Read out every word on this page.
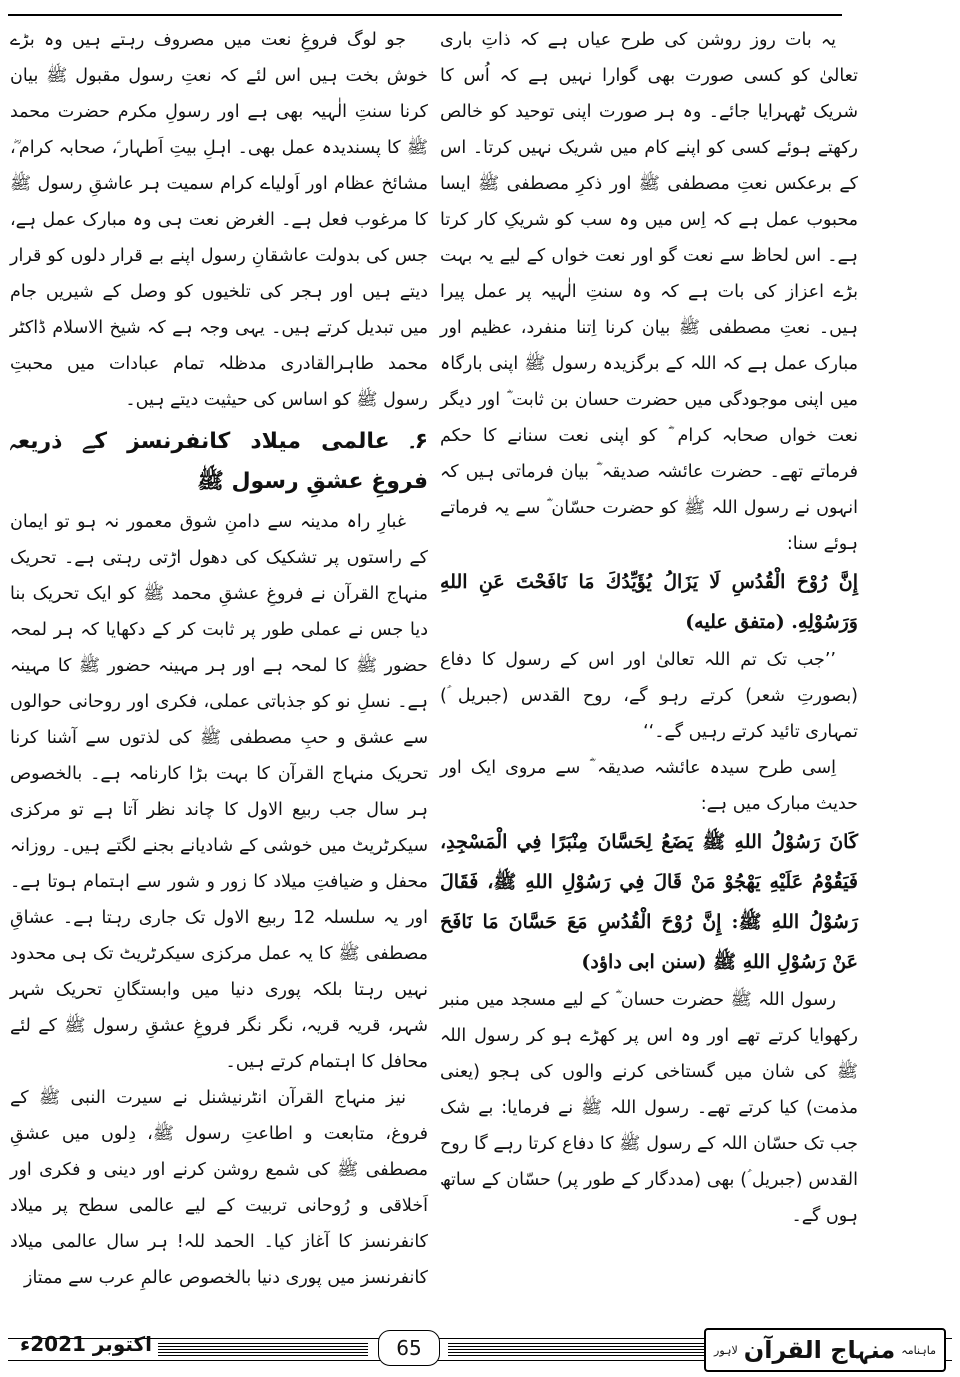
یہ بات روز روشن کی طرح عیاں ہے کہ ذاتِ باری تعالیٰ کو کسی صورت بھی گوارا نہیں ہے کہ اُس کا شریک ٹھہرایا جائے۔ وہ ہر صورت اپنی توحید کو خالص رکھتے ہوئے کسی کو اپنے کام میں شریک نہیں کرتا۔ اس کے برعکس نعتِ مصطفی ﷺ اور ذکرِ مصطفی ﷺ ایسا محبوب عمل ہے کہ اِس میں وہ سب کو شریکِ کار کرتا ہے۔ اس لحاظ سے نعت گو اور نعت خواں کے لیے یہ بہت بڑے اعزاز کی بات ہے کہ وہ سنتِ الٰہیہ پر عمل پیرا ہیں۔ نعتِ مصطفی ﷺ بیان کرنا اِتنا منفرد، عظیم اور مبارک عمل ہے کہ اللہ کے برگزیدہ رسول ﷺ اپنی بارگاہ میں اپنی موجودگی میں حضرت حسان بن ثابت ؓ اور دیگر نعت خواں صحابہ کرام ؓ کو اپنی نعت سنانے کا حکم فرماتے تھے۔ حضرت عائشہ صدیقہ ؓ بیان فرماتی ہیں کہ انہوں نے رسول اللہ ﷺ کو حضرت حسّان ؓ سے یہ فرماتے ہوئے سنا:

إِنَّ رُوْحَ الْقُدُسِ لَا يَزَالُ يُؤَيِّدُكَ مَا نَافَحْتَ عَنِ اللهِ وَرَسُوْلِهِ. (متفق عليه)

’’جب تک تم اللہ تعالیٰ اور اس کے رسول کا دفاع (بصورتِ شعر) کرتے رہو گے، روح القدس (جبریل ؑ) تمہاری تائید کرتے رہیں گے۔‘‘

اِسی طرح سیدہ عائشہ صدیقہ ؓ سے مروی ایک اور حدیث مبارک میں ہے:

كَانَ رَسُوْلُ اللهِ ﷺ يَضَعُ لِحَسَّانَ مِنْبَرًا فِي الْمَسْجِدِ، فَيَقُوْمُ عَلَيْهِ يَهْجُوْ مَنْ قَالَ فِي رَسُوْلِ اللهِ ﷺ، فَقَالَ رَسُوْلُ اللهِ ﷺ: إِنَّ رُوْحَ الْقُدُسِ مَعَ حَسَّانَ مَا نَافَحَ عَنْ رَسُوْلِ اللهِ ﷺ (سنن ابی داؤد)

رسول اللہ ﷺ حضرت حسان ؓ کے لیے مسجد میں منبر رکھوایا کرتے تھے اور وہ اس پر کھڑے ہو کر رسول اللہ ﷺ کی شان میں گستاخی کرنے والوں کی ہجو (یعنی مذمت) کیا کرتے تھے۔ رسول اللہ ﷺ نے فرمایا: بے شک جب تک حسّان اللہ کے رسول ﷺ کا دفاع کرتا رہے گا روح القدس (جبریل ؑ) بھی (مددگار کے طور پر) حسّان کے ساتھ ہوں گے۔

جو لوگ فروغِ نعت میں مصروف رہتے ہیں وہ بڑے خوش بخت ہیں اس لئے کہ نعتِ رسول مقبول ﷺ بیان کرنا سنتِ الٰہیہ بھی ہے اور رسولِ مکرم حضرت محمد ﷺ کا پسندیدہ عمل بھی۔ اہلِ بیتِ اَطہار ؑ، صحابہ کرام ؓ، مشائخ عظام اور اَولیاے کرام سمیت ہر عاشقِ رسول ﷺ کا مرغوب فعل ہے۔ الغرض نعت ہی وہ مبارک عمل ہے، جس کی بدولت عاشقانِ رسول اپنے بے قرار دلوں کو قرار دیتے ہیں اور ہجر کی تلخیوں کو وصل کے شیریں جام میں تبدیل کرتے ہیں۔ یہی وجہ ہے کہ شیخ الاسلام ڈاکٹر محمد طاہرالقادری مدظلہ تمام عبادات میں محبتِ رسول ﷺ کو اساس کی حیثیت دیتے ہیں۔

۶۔ عالمی میلاد کانفرنسز کے ذریعہ فروغِ عشقِ رسول ﷺ

غبارِ راہ مدینہ سے دامنِ شوق معمور نہ ہو تو ایمان کے راستوں پر تشکیک کی دھول اڑتی رہتی ہے۔ تحریک منہاج القرآن نے فروغِ عشقِ محمد ﷺ کو ایک تحریک بنا دیا جس نے عملی طور پر ثابت کر کے دکھایا کہ ہر لمحہ حضور ﷺ کا لمحہ ہے اور ہر مہینہ حضور ﷺ کا مہینہ ہے۔ نسلِ نو کو جذباتی عملی، فکری اور روحانی حوالوں سے عشق و حبِ مصطفی ﷺ کی لذتوں سے آشنا کرنا تحریک منہاج القرآن کا بہت بڑا کارنامہ ہے۔ بالخصوص ہر سال جب ربیع الاول کا چاند نظر آتا ہے تو مرکزی سیکرٹریٹ میں خوشی کے شادیانے بجنے لگتے ہیں۔ روزانہ محفل و ضیافتِ میلاد کا زور و شور سے اہتمام ہوتا ہے۔ اور یہ سلسلہ 12 ربیع الاول تک جاری رہتا ہے۔ عشاقِ مصطفی ﷺ کا یہ عمل مرکزی سیکرٹریٹ تک ہی محدود نہیں رہتا بلکہ پوری دنیا میں وابستگانِ تحریک شہر شہر، قریہ قریہ، نگر نگر فروغِ عشقِ رسول ﷺ کے لئے محافل کا اہتمام کرتے ہیں۔

نیز منہاج القرآن انٹرنیشنل نے سیرت النبی ﷺ کے فروغ، متابعت و اطاعتِ رسول ﷺ، دِلوں میں عشقِ مصطفی ﷺ کی شمع روشن کرنے اور دینی و فکری اور اَخلاقی و رُوحانی تربیت کے لیے عالمی سطح پر میلاد کانفرنسز کا آغاز کیا۔ الحمد للہ! ہر سال عالمی میلاد کانفرنسز میں پوری دنیا بالخصوص عالمِ عرب سے ممتاز

اکتوبر 2021ء	65	ماہنامہ
منہاج القرآن
لاہور
